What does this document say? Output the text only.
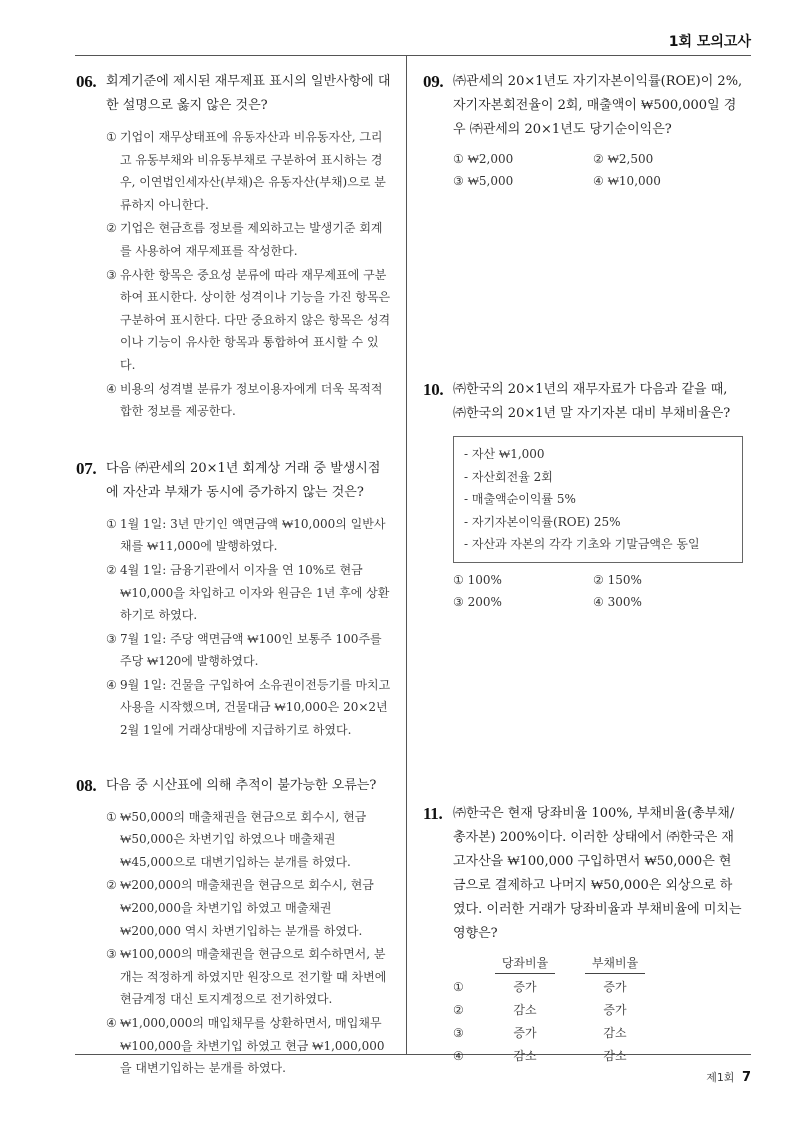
1회 모의고사
06. 회계기준에 제시된 재무제표 표시의 일반사항에 대한 설명으로 옳지 않은 것은?
① 기업이 재무상태표에 유동자산과 비유동자산, 그리고 유동부채와 비유동부채로 구분하여 표시하는 경우, 이연법인세자산(부채)은 유동자산(부채)으로 분류하지 아니한다.
② 기업은 현금흐름 정보를 제외하고는 발생기준 회계를 사용하여 재무제표를 작성한다.
③ 유사한 항목은 중요성 분류에 따라 재무제표에 구분하여 표시한다. 상이한 성격이나 기능을 가진 항목은 구분하여 표시한다. 다만 중요하지 않은 항목은 성격이나 기능이 유사한 항목과 통합하여 표시할 수 있다.
④ 비용의 성격별 분류가 정보이용자에게 더욱 목적적합한 정보를 제공한다.
07. 다음 ㈜관세의 20×1년 회계상 거래 중 발생시점에 자산과 부채가 동시에 증가하지 않는 것은?
① 1월 1일: 3년 만기인 액면금액 ₩10,000의 일반사채를 ₩11,000에 발행하였다.
② 4월 1일: 금융기관에서 이자율 연 10%로 현금 ₩10,000을 차입하고 이자와 원금은 1년 후에 상환하기로 하였다.
③ 7월 1일: 주당 액면금액 ₩100인 보통주 100주를 주당 ₩120에 발행하였다.
④ 9월 1일: 건물을 구입하여 소유권이전등기를 마치고 사용을 시작했으며, 건물대금 ₩10,000은 20×2년 2월 1일에 거래상대방에 지급하기로 하였다.
08. 다음 중 시산표에 의해 추적이 불가능한 오류는?
① ₩50,000의 매출채권을 현금으로 회수시, 현금 ₩50,000은 차변기입 하였으나 매출채권 ₩45,000으로 대변기입하는 분개를 하였다.
② ₩200,000의 매출채권을 현금으로 회수시, 현금 ₩200,000을 차변기입 하였고 매출채권 ₩200,000 역시 차변기입하는 분개를 하였다.
③ ₩100,000의 매출채권을 현금으로 회수하면서, 분개는 적정하게 하였지만 원장으로 전기할 때 차변에 현금계정 대신 토지계정으로 전기하였다.
④ ₩1,000,000의 매입채무를 상환하면서, 매입채무 ₩100,000을 차변기입 하였고 현금 ₩1,000,000을 대변기입하는 분개를 하였다.
09. ㈜관세의 20×1년도 자기자본이익률(ROE)이 2%, 자기자본회전율이 2회, 매출액이 ₩500,000일 경우 ㈜관세의 20×1년도 당기순이익은?
① ₩2,000	② ₩2,500
③ ₩5,000	④ ₩10,000
10. ㈜한국의 20×1년의 재무자료가 다음과 같을 때, ㈜한국의 20×1년 말 자기자본 대비 부채비율은?
- 자산 ₩1,000
- 자산회전율 2회
- 매출액순이익률 5%
- 자기자본이익률(ROE) 25%
- 자산과 자본의 각각 기초와 기말금액은 동일
① 100%	② 150%
③ 200%	④ 300%
11. ㈜한국은 현재 당좌비율 100%, 부채비율(총부채/총자본) 200%이다. 이러한 상태에서 ㈜한국은 재고자산을 ₩100,000 구입하면서 ₩50,000은 현금으로 결제하고 나머지 ₩50,000은 외상으로 하였다. 이러한 거래가 당좌비율과 부채비율에 미치는 영향은?
당좌비율	부채비율
①	증가	증가
②	감소	증가
③	증가	감소
④	감소	감소
제1회 7
